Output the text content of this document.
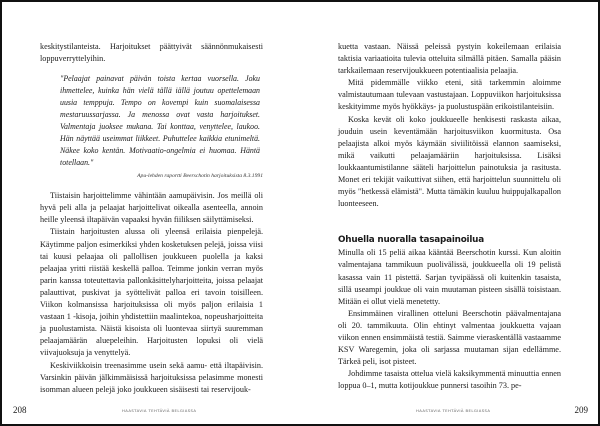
keskitystilanteista. Harjoitukset päättyivät säännönmukaisesti loppuverryttelyihin.

"Pelaajat painavat päivän toista kertaa vuorsella. Joku ihmettelee, kuinka hän vielä tällä iällä joutuu opettelemaan uusia temppuja. Tempo on kovempi kuin suomalaisessa mestaruussarjassa. Ja menossa ovat vasta harjoitukset. Valmentaja juoksee mukana. Tai konttaa, venyttelee, laukoo. Hän näyttää useimmat liikkeet. Puhuttelee kaikkia etunimeltä. Näkee koko kentän. Motivaatio-ongelmia ei huomaa. Häntä totellaan."

Apu-lehden raportti Beerschotin harjoituksista 8.3.1991

Tiistaisin harjoittelimme vähintään aamupäivisin. Jos meillä oli hyvä peli alla ja pelaajat harjoittelivat oikealla asenteella, annoin heille yleensä iltapäivän vapaaksi hyvän fiiliksen säilyttämiseksi.

Tiistain harjoitusten alussa oli yleensä erilaisia pienpelejä. Käytimme paljon esimerkiksi yhden kosketuksen pelejä, joissa viisi tai kuusi pelaajaa oli pallollisen joukkueen puolella ja kaksi pelaajaa yritti riistää keskellä palloa. Teimme jonkin verran myös parin kanssa toteutettavia pallonkäsittelyharjoitteita, joissa pelaajat palauttivat, puskivat ja syöttelivät palloa eri tavoin toisilleen. Viikon kolmansissa harjoituksissa oli myös paljon erilaisia 1 vastaan 1 -kisoja, joihin yhdistettiin maalintekoa, nopeusharjoitteita ja puolustamista. Näistä kisoista oli luontevaa siirtyä suuremman pelaajamäärän aluepeleihin. Harjoitusten lopuksi oli vielä viivajuoksuja ja venyttelyä.

Keskiviikkoisin treenasimme usein sekä aamu- että iltapäivisin. Varsinkin päivän jälkimmäisissä harjoituksissa pelasimme monesti isomman alueen pelejä joko joukkueen sisäisesti tai reservijouk-

208	HAASTAVIA TEHTÄVIÄ BELGIASSA

kuetta vastaan. Näissä peleissä pystyin kokeilemaan erilaisia taktisia variaatioita tulevia otteluita silmällä pitäen. Samalla pääsin tarkkailemaan reservijoukkueen potentiaalisia pelaajia.

Mitä pidemmälle viikko eteni, sitä tarkemmin aloimme valmistautumaan tulevaan vastustajaan. Loppuviikon harjoituksissa keskityimme myös hyökkäys- ja puolustuspään erikoistilanteisiin.

Koska kevät oli koko joukkueelle henkisesti raskasta aikaa, jouduin usein keventämään harjoitusviikon kuormitusta. Osa pelaajista alkoi myös käymään siviilitöissä elannon saamiseksi, mikä vaikutti pelaajamääriin harjoituksissa. Lisäksi loukkaantumistilanne sääteli harjoittelun painotuksia ja rasitusta. Monet eri tekijät vaikuttivat siihen, että harjoittelun suunnittelu oli myös "hetkessä elämistä". Mutta tämäkin kuuluu huippujalkapallon luonteeseen.

Ohuella nuoralla tasapainoilua

Minulla oli 15 peliä aikaa kääntää Beerschotin kurssi. Kun aloitin valmentajana tammikuun puolivälissä, joukkueella oli 19 pelistä kasassa vain 11 pistettä. Sarjan tyvipäässä oli kuitenkin tasaista, sillä useampi joukkue oli vain muutaman pisteen sisällä toisistaan. Mitään ei ollut vielä menetetty.

Ensimmäinen virallinen otteluni Beerschotin päävalmentajana oli 20. tammikuuta. Olin ehtinyt valmentaa joukkuetta vajaan viikon ennen ensimmäistä testiä. Saimme vieraskentällä vastaamme KSV Waregemin, joka oli sarjassa muutaman sijan edellämme. Tärkeä peli, isot pisteet.

Johdimme tasaista ottelua vielä kaksikymmentä minuuttia ennen loppua 0–1, mutta kotijoukkue punnersi tasoihin 73. pe-

HAASTAVIA TEHTÄVIÄ BELGIASSA	209
